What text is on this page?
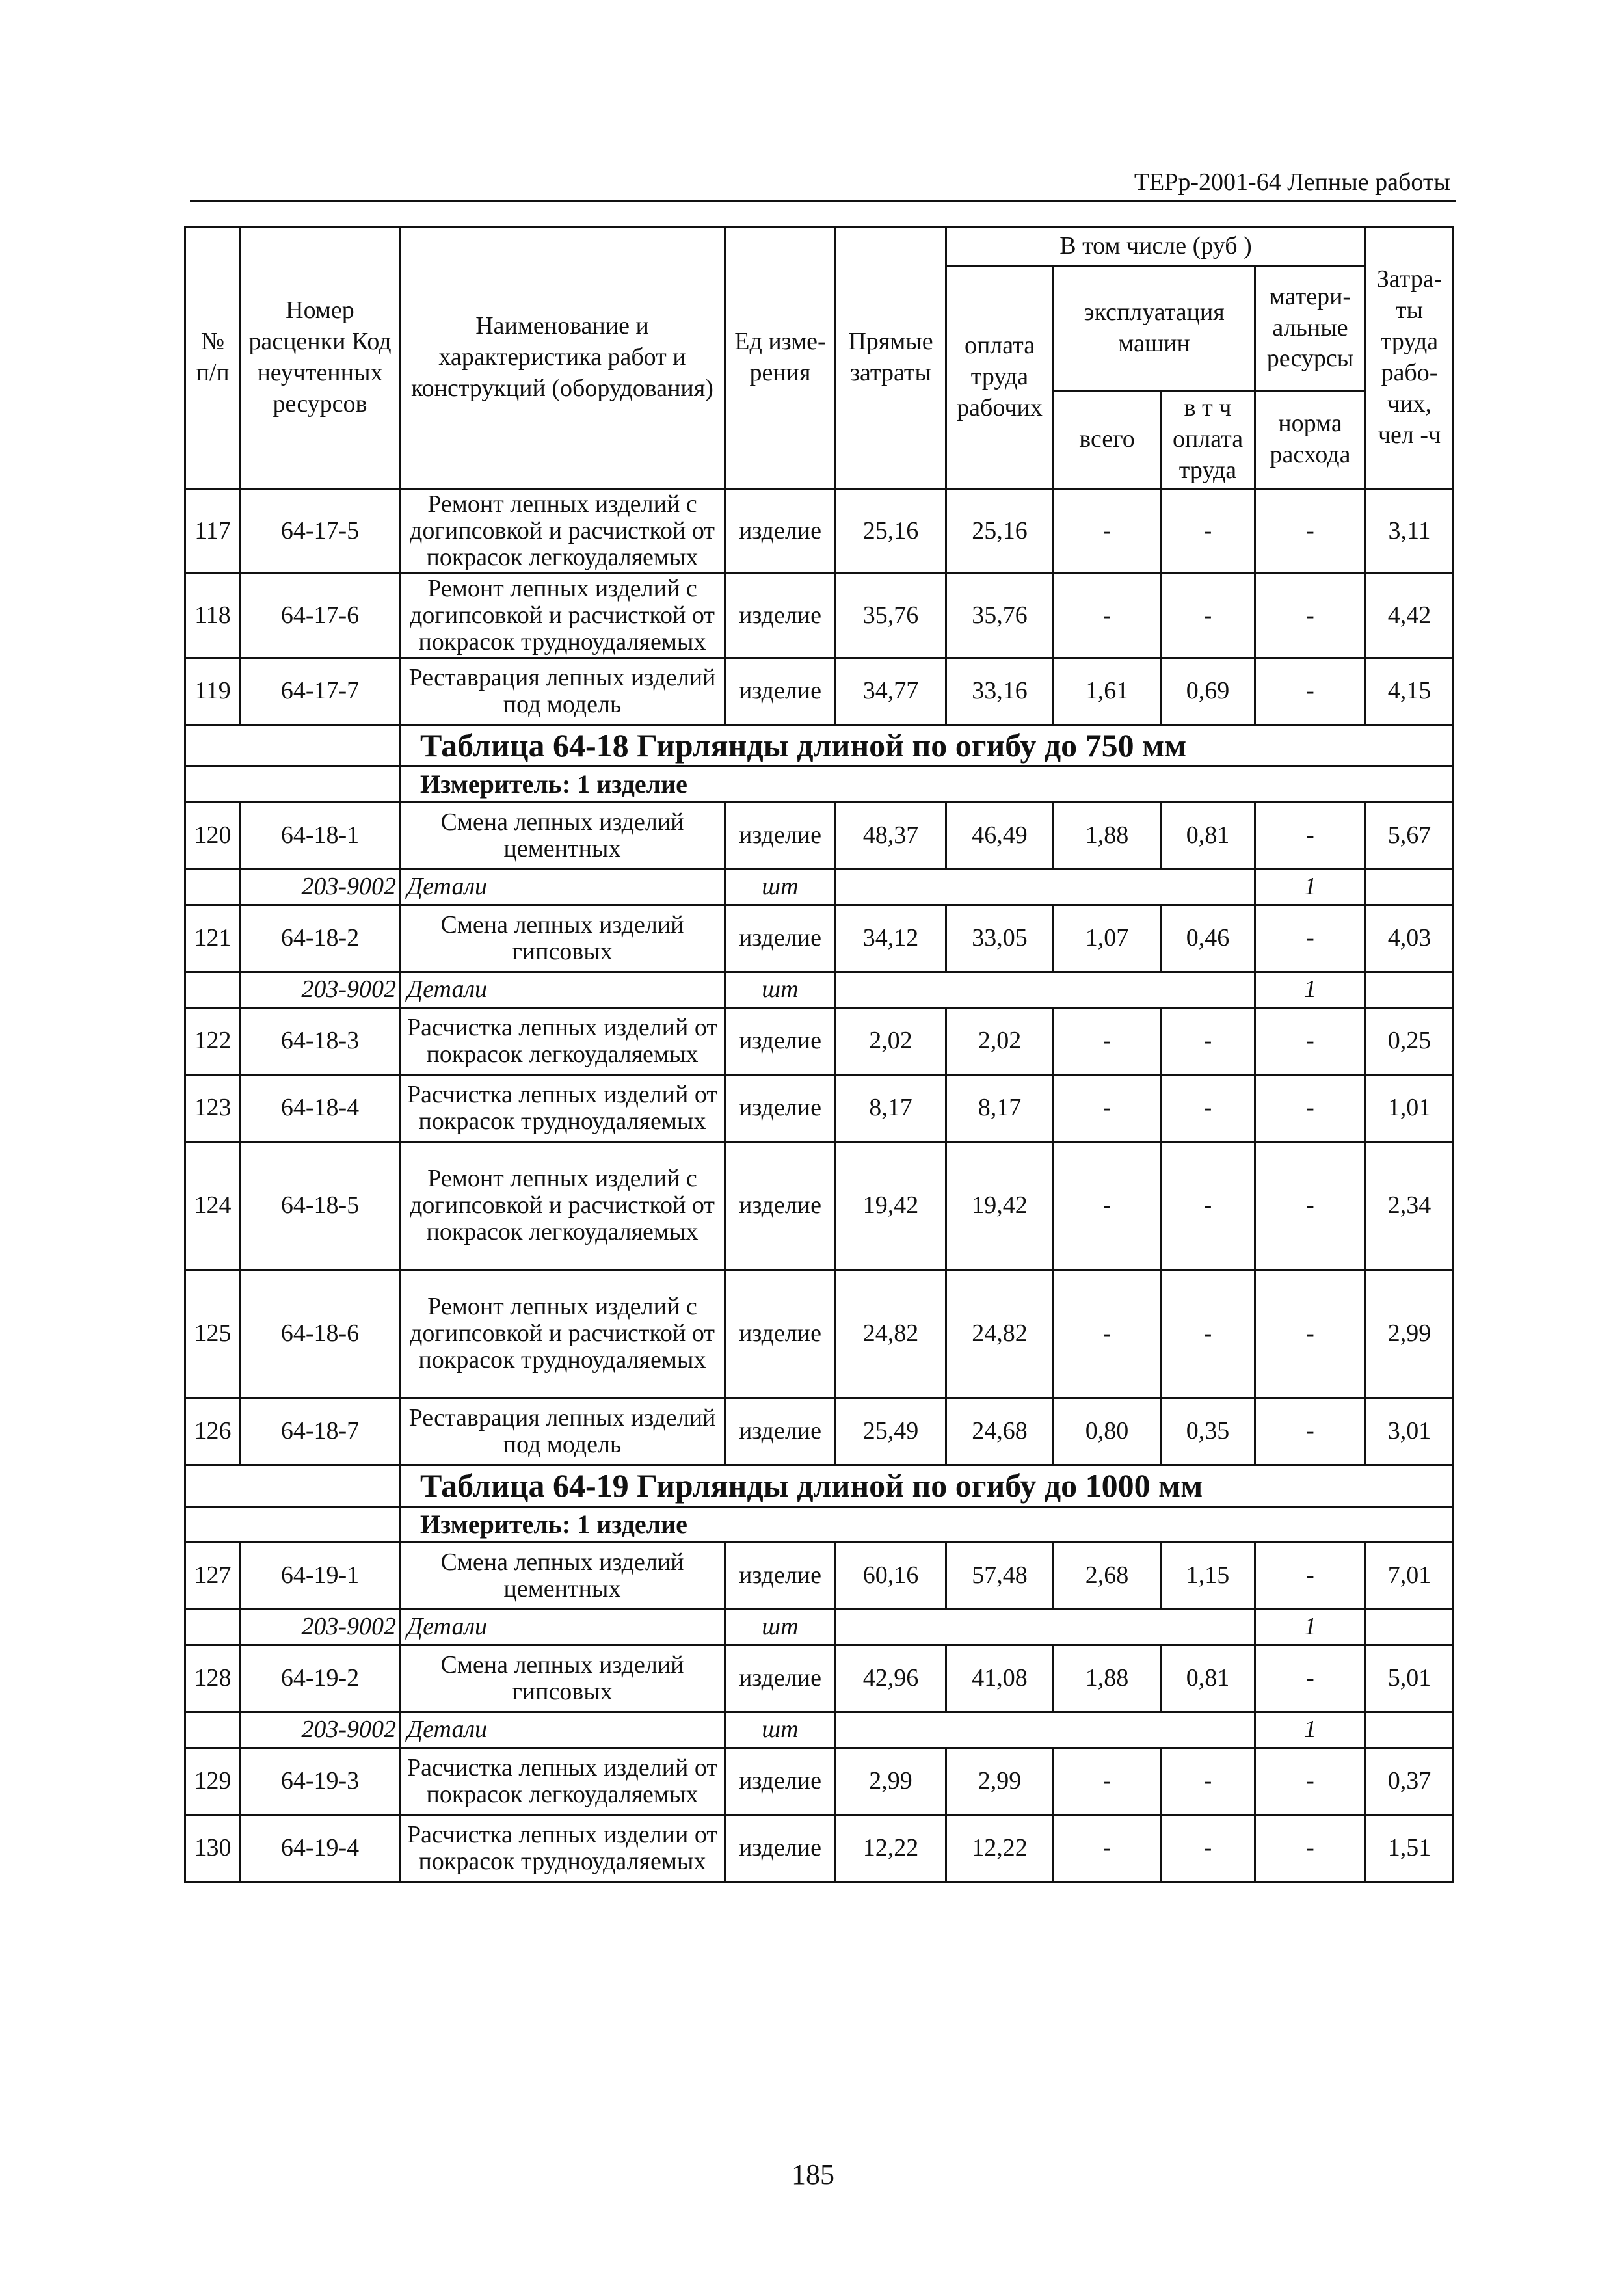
ТЕРр-2001-64 Лепные работы
№ п/п	Номер расценки Код неучтенных ресурсов	Наименование и характеристика работ и конструкций (оборудования)	Ед изме- рения	Прямые затраты	В том числе (руб )				Затра- ты труда рабо- чих, чел -ч
					оплата труда рабочих	эксплуатация машин		матери- альные ресурсы	
						всего	в т ч оплата труда	норма расхода	

117	64-17-5	Ремонт лепных изделий с догипсовкой и расчисткой от покрасок легкоудаляемых	изделие	25,16	25,16	-	-	-	3,11
118	64-17-6	Ремонт лепных изделий с догипсовкой и расчисткой от покрасок трудноудаляемых	изделие	35,76	35,76	-	-	-	4,42
119	64-17-7	Реставрация лепных изделий под модель	изделие	34,77	33,16	1,61	0,69	-	4,15
		Таблица 64-18 Гирлянды длиной по огибу до 750 мм							
		Измеритель: 1 изделие							
120	64-18-1	Смена лепных изделий цементных	изделие	48,37	46,49	1,88	0,81	-	5,67
	203-9002	Детали	шт					1	
121	64-18-2	Смена лепных изделий гипсовых	изделие	34,12	33,05	1,07	0,46	-	4,03
	203-9002	Детали	шт					1	
122	64-18-3	Расчистка лепных изделий от покрасок легкоудаляемых	изделие	2,02	2,02	-	-	-	0,25
123	64-18-4	Расчистка лепных изделий от покрасок трудноудаляемых	изделие	8,17	8,17	-	-	-	1,01
124	64-18-5	Ремонт лепных изделий с догипсовкой и расчисткой от покрасок легкоудаляемых	изделие	19,42	19,42	-	-	-	2,34
125	64-18-6	Ремонт лепных изделий с догипсовкой и расчисткой от покрасок трудноудаляемых	изделие	24,82	24,82	-	-	-	2,99
126	64-18-7	Реставрация лепных изделий под модель	изделие	25,49	24,68	0,80	0,35	-	3,01
		Таблица 64-19 Гирлянды длиной по огибу до 1000 мм							
		Измеритель: 1 изделие							
127	64-19-1	Смена лепных изделий цементных	изделие	60,16	57,48	2,68	1,15	-	7,01
	203-9002	Детали	шт					1	
128	64-19-2	Смена лепных изделий гипсовых	изделие	42,96	41,08	1,88	0,81	-	5,01
	203-9002	Детали	шт					1	
129	64-19-3	Расчистка лепных изделий от покрасок легкоудаляемых	изделие	2,99	2,99	-	-	-	0,37
130	64-19-4	Расчистка лепных изделии от покрасок трудноудаляемых	изделие	12,22	12,22	-	-	-	1,51
185
